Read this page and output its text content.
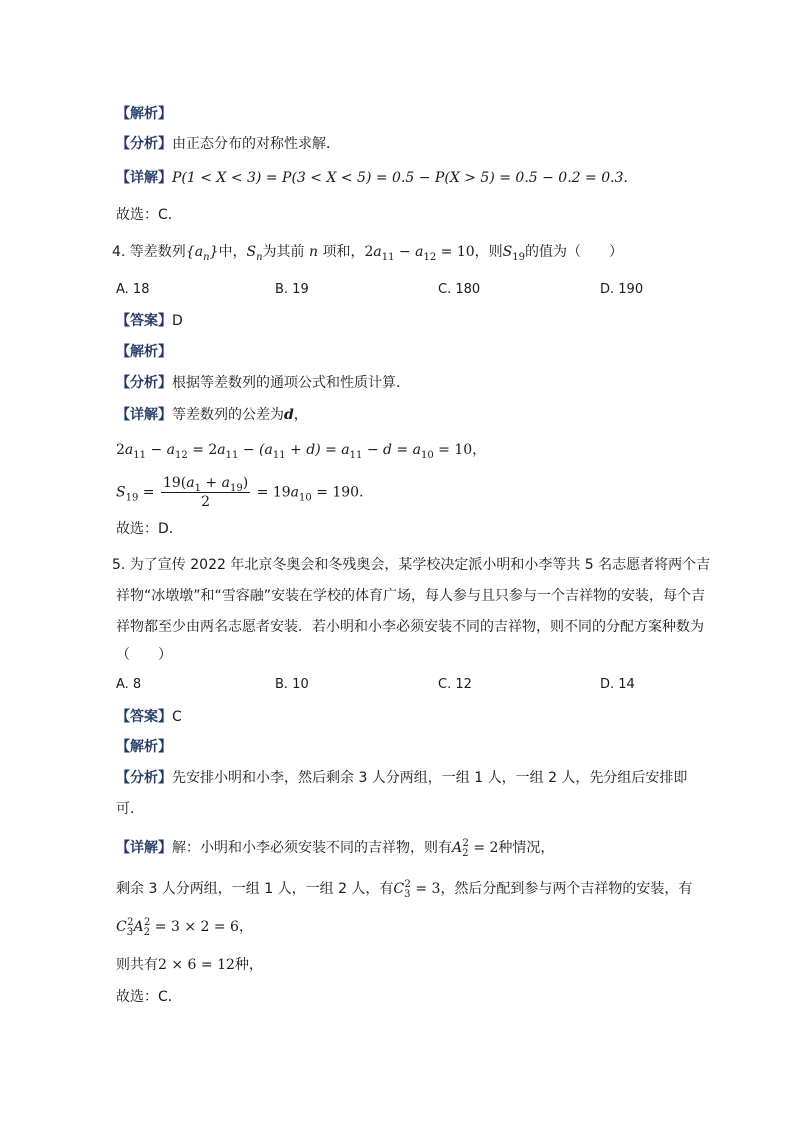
【解析】
【分析】由正态分布的对称性求解．
【详解】P(1 < X < 3) = P(3 < X < 5) = 0.5 − P(X > 5) = 0.5 − 0.2 = 0.3．
故选：C．
4. 等差数列$\{a_n\}$中，$S_n$为其前 n 项和，$2a_{11} - a_{12} = 10$，则$S_{19}$的值为（　　）
A. 18	B. 19	C. 180	D. 190
【答案】D
【解析】
【分析】根据等差数列的通项公式和性质计算．
【详解】等差数列的公差为d，
$2a_{11} - a_{12} = 2a_{11} - (a_{11} + d) = a_{11} - d = a_{10} = 10$，
$S_{19} = \frac{19(a_1 + a_{19})}{2} = 19a_{10} = 190$．
故选：D．
5. 为了宣传 2022 年北京冬奥会和冬残奥会，某学校决定派小明和小李等共 5 名志愿者将两个吉
祥物“冰墩墩”和“雪容融”安装在学校的体育广场，每人参与且只参与一个吉祥物的安装，每个吉
祥物都至少由两名志愿者安装．若小明和小李必须安装不同的吉祥物，则不同的分配方案种数为
（　　）
A. 8	B. 10	C. 12	D. 14
【答案】C
【解析】
【分析】先安排小明和小李，然后剩余 3 人分两组，一组 1 人，一组 2 人，先分组后安排即
可．
【详解】解：小明和小李必须安装不同的吉祥物，则有$A_2^2 = 2$种情况，
剩余 3 人分两组，一组 1 人，一组 2 人，有$C_3^2 = 3$，然后分配到参与两个吉祥物的安装，有
$C_3^2A_2^2 = 3 \times 2 = 6$，
则共有2 × 6 = 12种，
故选：C．
